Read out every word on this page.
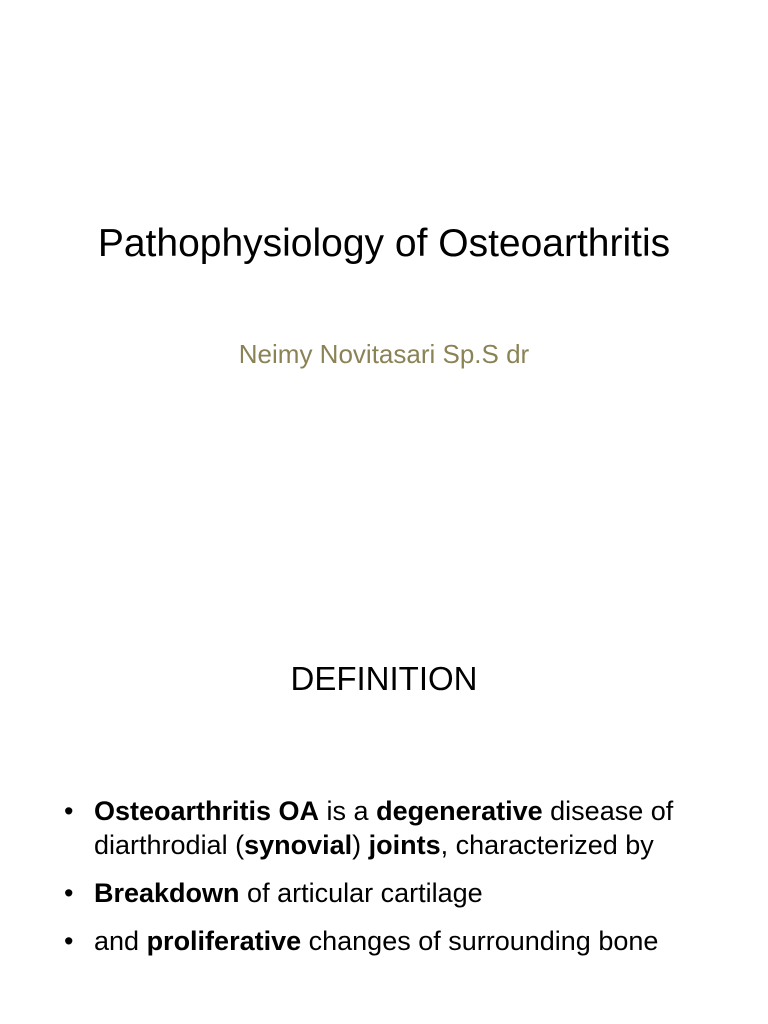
Pathophysiology of Osteoarthritis
Neimy Novitasari Sp.S dr
DEFINITION
• Osteoarthritis OA is a degenerative disease of diarthrodial (synovial) joints, characterized by
• Breakdown of articular cartilage
• and proliferative changes of surrounding bone
